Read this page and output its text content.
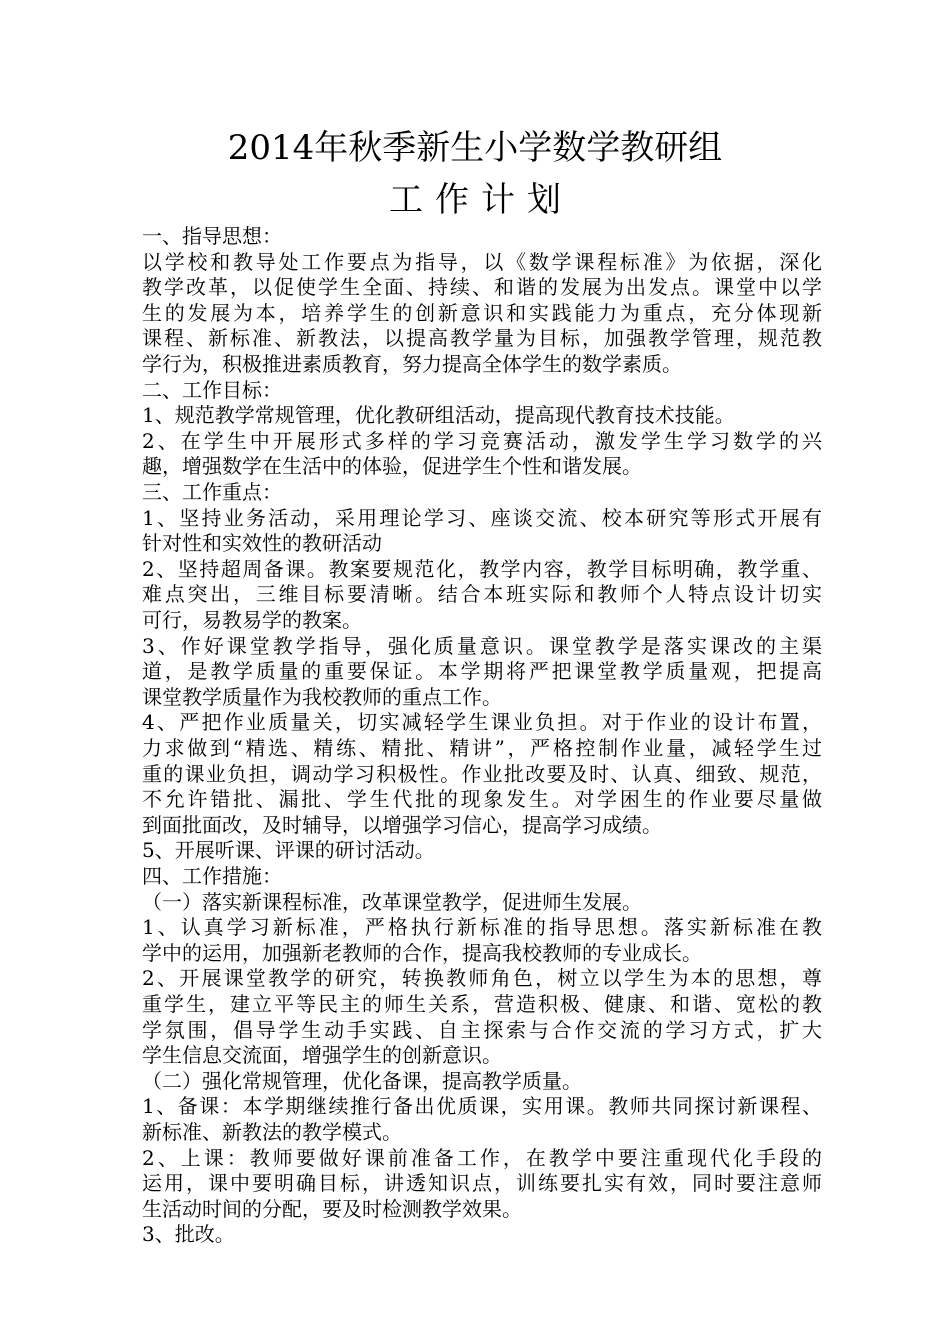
2014年秋季新生小学数学教研组
工作计划
一、指导思想：
以学校和教导处工作要点为指导，以《数学课程标准》为依据，深化
教学改革，以促使学生全面、持续、和谐的发展为出发点。课堂中以学
生的发展为本，培养学生的创新意识和实践能力为重点，充分体现新
课程、新标准、新教法，以提高教学量为目标，加强教学管理，规范教
学行为，积极推进素质教育，努力提高全体学生的数学素质。
二、工作目标：
1、规范教学常规管理，优化教研组活动，提高现代教育技术技能。
2、在学生中开展形式多样的学习竞赛活动，激发学生学习数学的兴
趣，增强数学在生活中的体验，促进学生个性和谐发展。
三、工作重点：
1、坚持业务活动，采用理论学习、座谈交流、校本研究等形式开展有
针对性和实效性的教研活动
2、坚持超周备课。教案要规范化，教学内容，教学目标明确，教学重、
难点突出，三维目标要清晰。结合本班实际和教师个人特点设计切实
可行，易教易学的教案。
3、作好课堂教学指导，强化质量意识。课堂教学是落实课改的主渠
道，是教学质量的重要保证。本学期将严把课堂教学质量观，把提高
课堂教学质量作为我校教师的重点工作。
4、严把作业质量关，切实减轻学生课业负担。对于作业的设计布置，
力求做到“精选、精练、精批、精讲”，严格控制作业量，减轻学生过
重的课业负担，调动学习积极性。作业批改要及时、认真、细致、规范，
不允许错批、漏批、学生代批的现象发生。对学困生的作业要尽量做
到面批面改，及时辅导，以增强学习信心，提高学习成绩。
5、开展听课、评课的研讨活动。
四、工作措施：
（一）落实新课程标准，改革课堂教学，促进师生发展。
1、认真学习新标准，严格执行新标准的指导思想。落实新标准在教
学中的运用，加强新老教师的合作，提高我校教师的专业成长。
2、开展课堂教学的研究，转换教师角色，树立以学生为本的思想，尊
重学生，建立平等民主的师生关系，营造积极、健康、和谐、宽松的教
学氛围，倡导学生动手实践、自主探索与合作交流的学习方式，扩大
学生信息交流面，增强学生的创新意识。
（二）强化常规管理，优化备课，提高教学质量。
1、备课：本学期继续推行备出优质课，实用课。教师共同探讨新课程、
新标准、新教法的教学模式。
2、上课：教师要做好课前准备工作，在教学中要注重现代化手段的
运用，课中要明确目标，讲透知识点，训练要扎实有效，同时要注意师
生活动时间的分配，要及时检测教学效果。
3、批改。
